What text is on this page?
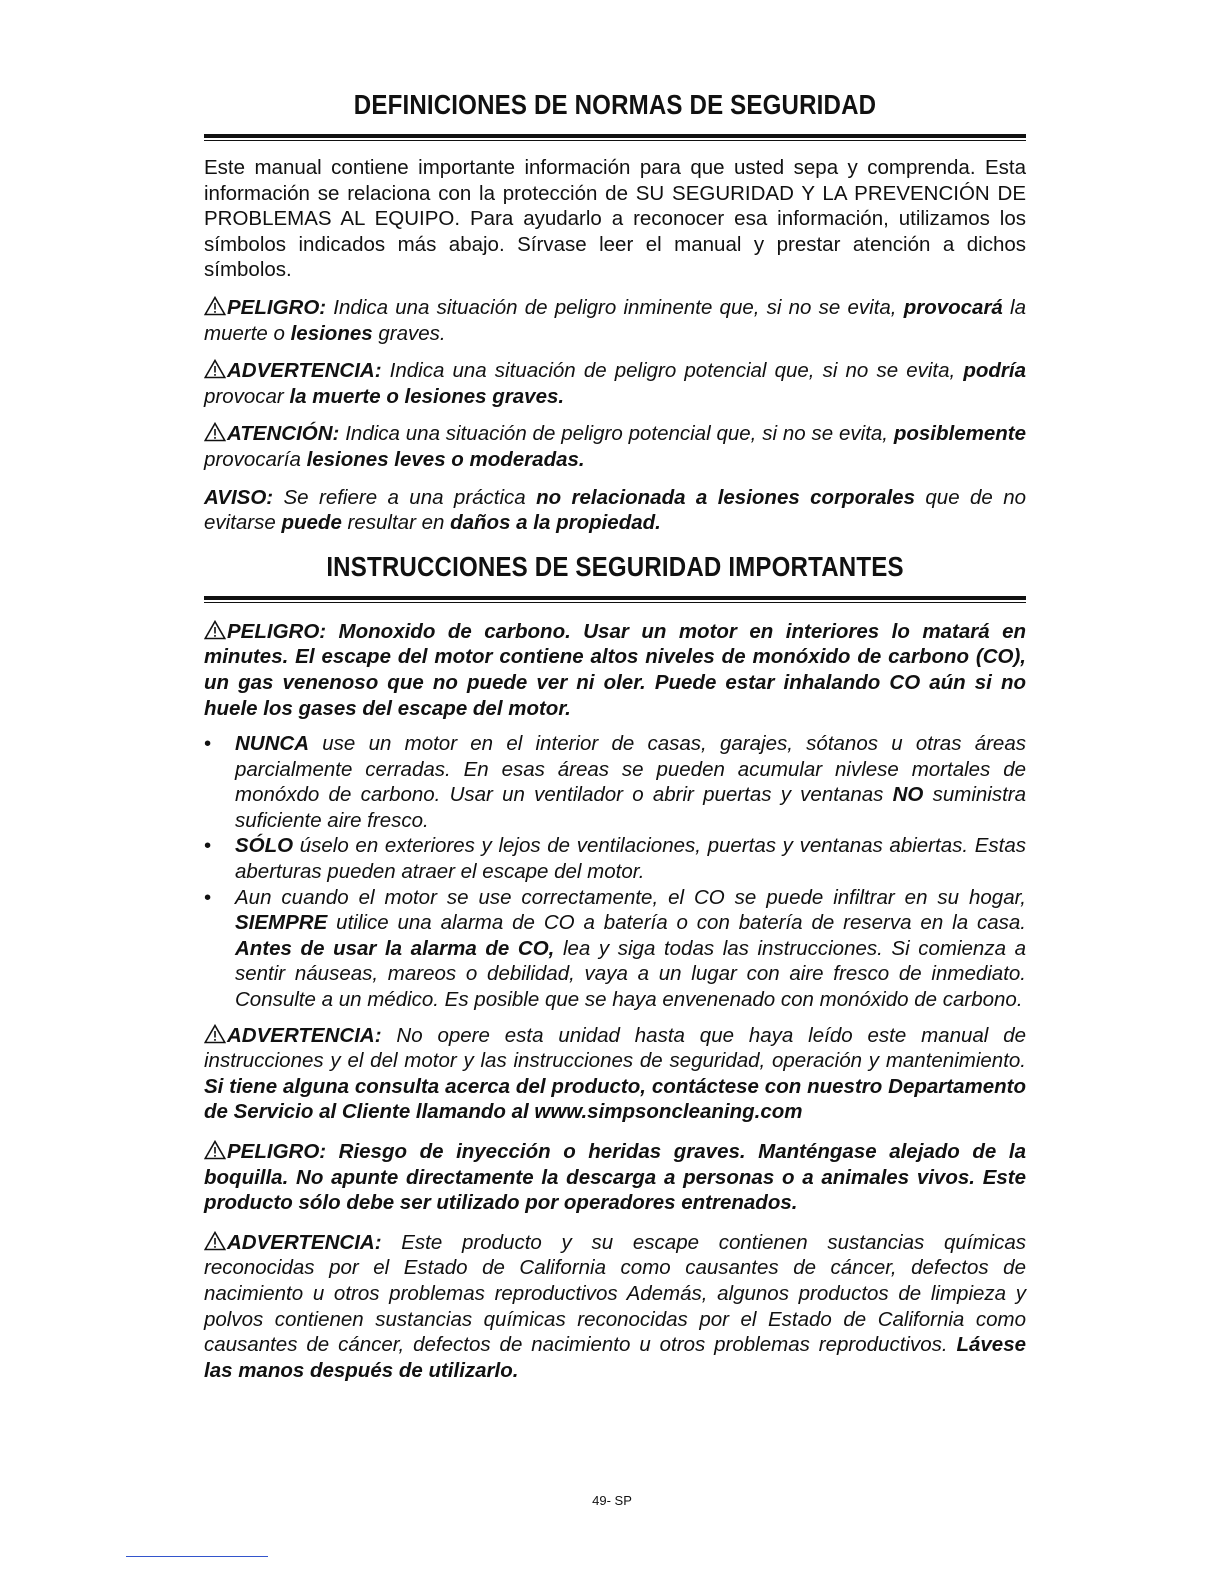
DEFINICIONES DE NORMAS DE SEGURIDAD

Este manual contiene importante información para que usted sepa y comprenda. Esta información se relaciona con la protección de SU SEGURIDAD Y LA PREVENCIÓN DE PROBLEMAS AL EQUIPO. Para ayudarlo a reconocer esa información, utilizamos los símbolos indicados más abajo. Sírvase leer el manual y prestar atención a dichos símbolos.

PELIGRO: Indica una situación de peligro inminente que, si no se evita, provocará la muerte o lesiones graves.

ADVERTENCIA: Indica una situación de peligro potencial que, si no se evita, podría provocar la muerte o lesiones graves.

ATENCIÓN: Indica una situación de peligro potencial que, si no se evita, posiblemente provocaría lesiones leves o moderadas.

AVISO: Se refiere a una práctica no relacionada a lesiones corporales que de no evitarse puede resultar en daños a la propiedad.

INSTRUCCIONES DE SEGURIDAD IMPORTANTES

PELIGRO: Monoxido de carbono. Usar un motor en interiores lo matará en minutes. El escape del motor contiene altos niveles de monóxido de carbono (CO), un gas venenoso que no puede ver ni oler. Puede estar inhalando CO aún si no huele los gases del escape del motor.

• NUNCA use un motor en el interior de casas, garajes, sótanos u otras áreas parcialmente cerradas. En esas áreas se pueden acumular nivlese mortales de monóxdo de carbono. Usar un ventilador o abrir puertas y ventanas NO suministra suficiente aire fresco.
• SÓLO úselo en exteriores y lejos de ventilaciones, puertas y ventanas abiertas. Estas aberturas pueden atraer el escape del motor.
• Aun cuando el motor se use correctamente, el CO se puede infiltrar en su hogar, SIEMPRE utilice una alarma de CO a batería o con batería de reserva en la casa. Antes de usar la alarma de CO, lea y siga todas las instrucciones. Si comienza a sentir náuseas, mareos o debilidad, vaya a un lugar con aire fresco de inmediato. Consulte a un médico. Es posible que se haya envenenado con monóxido de carbono.

ADVERTENCIA: No opere esta unidad hasta que haya leído este manual de instrucciones y el del motor y las instrucciones de seguridad, operación y mantenimiento. Si tiene alguna consulta acerca del producto, contáctese con nuestro Departamento de Servicio al Cliente llamando al www.simpsoncleaning.com

PELIGRO: Riesgo de inyección o heridas graves. Manténgase alejado de la boquilla. No apunte directamente la descarga a personas o a animales vivos. Este producto sólo debe ser utilizado por operadores entrenados.

ADVERTENCIA: Este producto y su escape contienen sustancias químicas reconocidas por el Estado de California como causantes de cáncer, defectos de nacimiento u otros problemas reproductivos Además, algunos productos de limpieza y polvos contienen sustancias químicas reconocidas por el Estado de California como causantes de cáncer, defectos de nacimiento u otros problemas reproductivos. Lávese las manos después de utilizarlo.

49- SP
